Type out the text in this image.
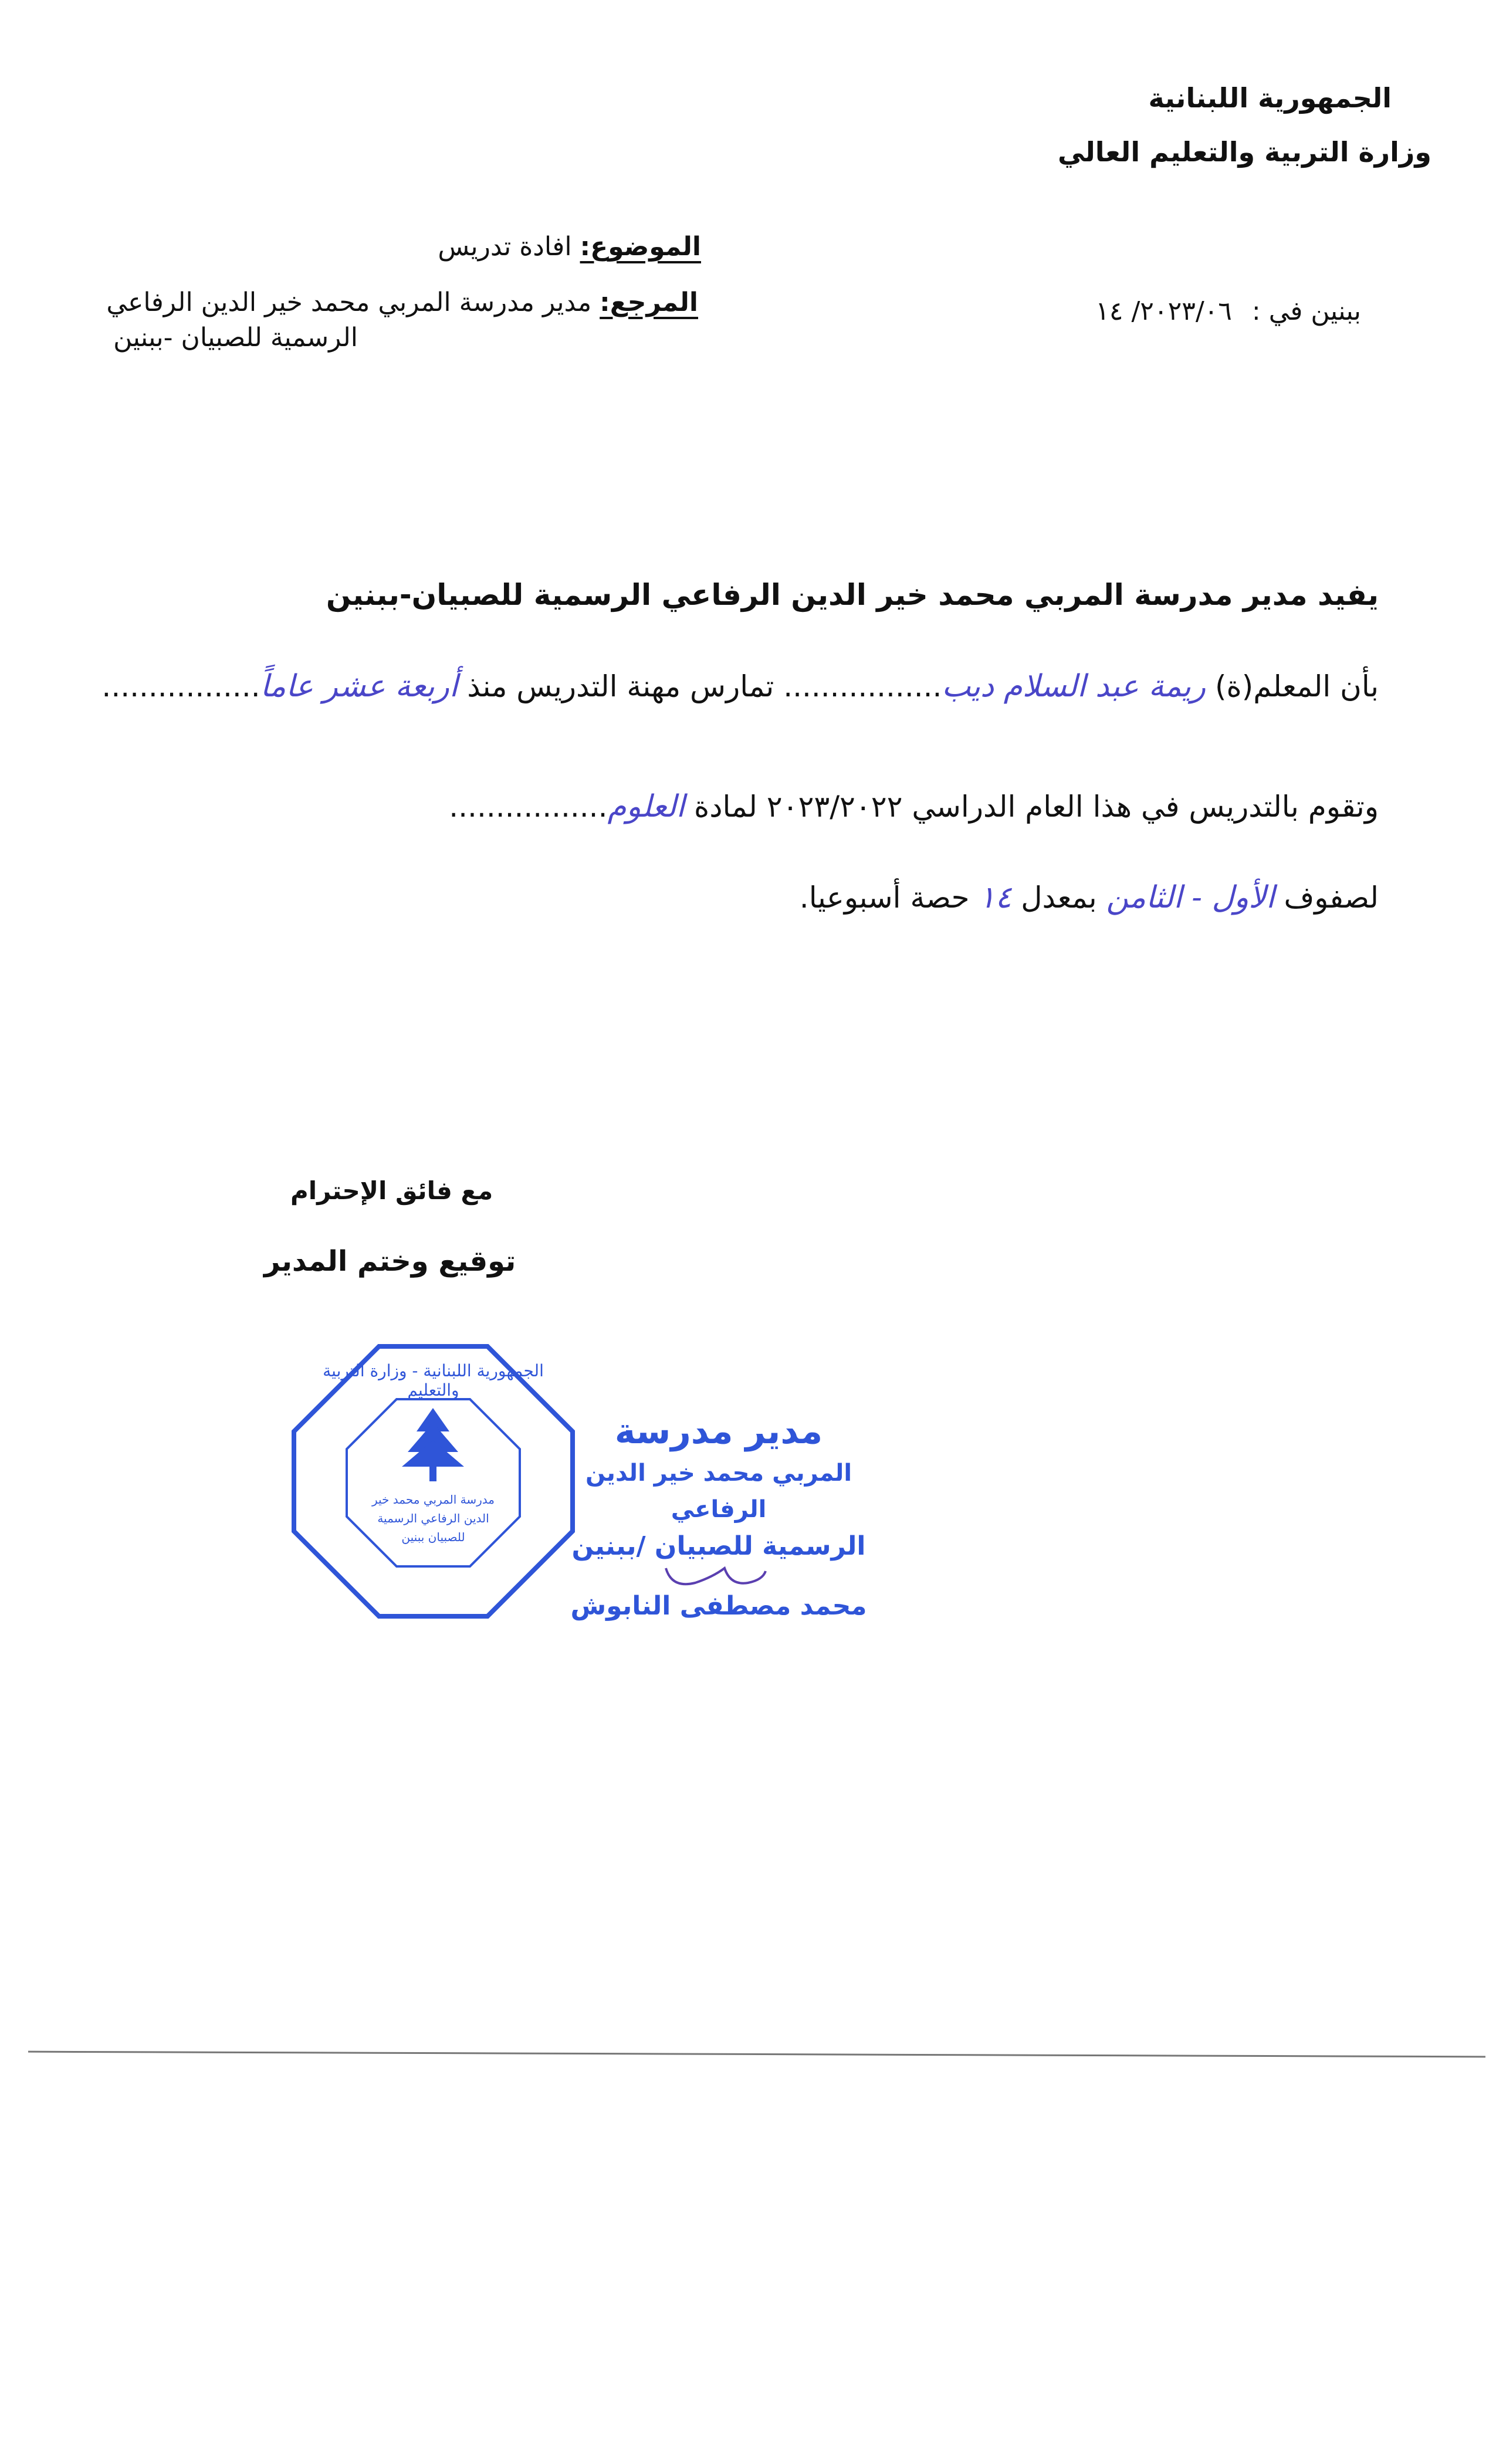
الجمهورية اللبنانية
وزارة التربية والتعليم العالي
الموضوع: افادة تدريس
المرجع: مدير مدرسة المربي محمد خير الدين الرفاعي
الرسمية للصبيان -ببنين
ببنين في : ٢٠٢٣/٠٦/ ١٤
يفيد مدير مدرسة المربي محمد خير الدين الرفاعي الرسمية للصبيان-ببنين
بأن المعلم(ة) ريمة عبد السلام ديب................. تمارس مهنة التدريس منذ أربعة عشر عاماً.................
وتقوم بالتدريس في هذا العام الدراسي ٢٠٢٣/٢٠٢٢ لمادة العلوم.................
لصفوف الأول - الثامن بمعدل ١٤ حصة أسبوعيا.
مع فائق الإحترام
توقيع وختم المدير
مدرسة المربي محمد خير الدين الرفاعي الرسمية للصبيان ببنين
الجمهورية اللبنانية - وزارة التربية والتعليم
مدير مدرسة
المربي محمد خير الدين الرفاعي
الرسمية للصبيان /ببنين
محمد مصطفى النابوش
